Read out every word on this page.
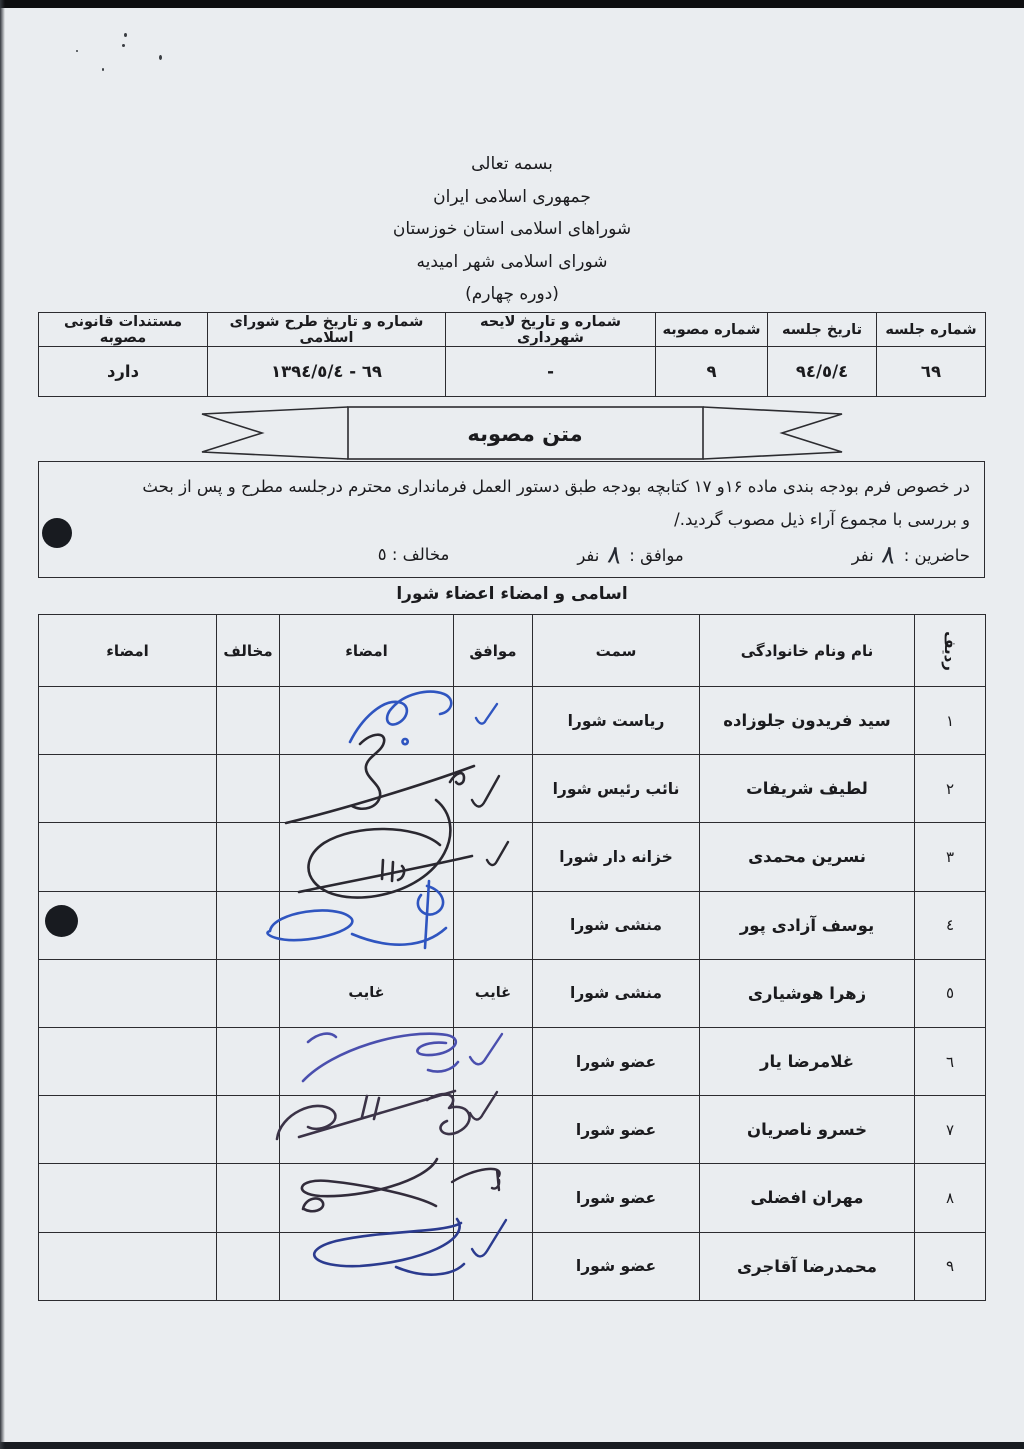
بسمه تعالی
جمهوری اسلامی ایران
شوراهای اسلامی استان خوزستان
شورای اسلامی شهر امیدیه
(دوره چهارم)
شماره جلسه	تاریخ جلسه	شماره مصوبه	شماره و تاریخ لایحه شهرداری	شماره و تاریخ طرح شورای اسلامی	مستندات قانونی مصوبه
٦٩	٩٤/٥/٤	٩	-	٦٩ - ١٣٩٤/٥/٤	دارد
متن مصوبه
در خصوص فرم بودجه بندی ماده ۱۶و ۱۷ کتابچه بودجه طبق دستور العمل فرمانداری محترم درجلسه مطرح و پس از بحث
و بررسی با مجموع آراء ذیل مصوب گردید./
حاضرین : ۸ نفر
موافق : ۸ نفر
مخالف : ٥
اسامی و امضاء اعضاء شورا
ردیف	نام ونام خانوادگی	سمت	موافق	امضاء	مخالف	امضاء
١	سید فریدون جلوزاده	ریاست شورا				
٢	لطیف شریفات	نائب رئیس شورا				
٣	نسرین محمدی	خزانه دار شورا				
٤	یوسف آزادی پور	منشی شورا				
٥	زهرا هوشیاری	منشی شورا	غایب	غایب		
٦	غلامرضا یار	عضو شورا				
٧	خسرو ناصریان	عضو شورا				
٨	مهران افضلی	عضو شورا				
٩	محمدرضا آقاجری	عضو شورا				
